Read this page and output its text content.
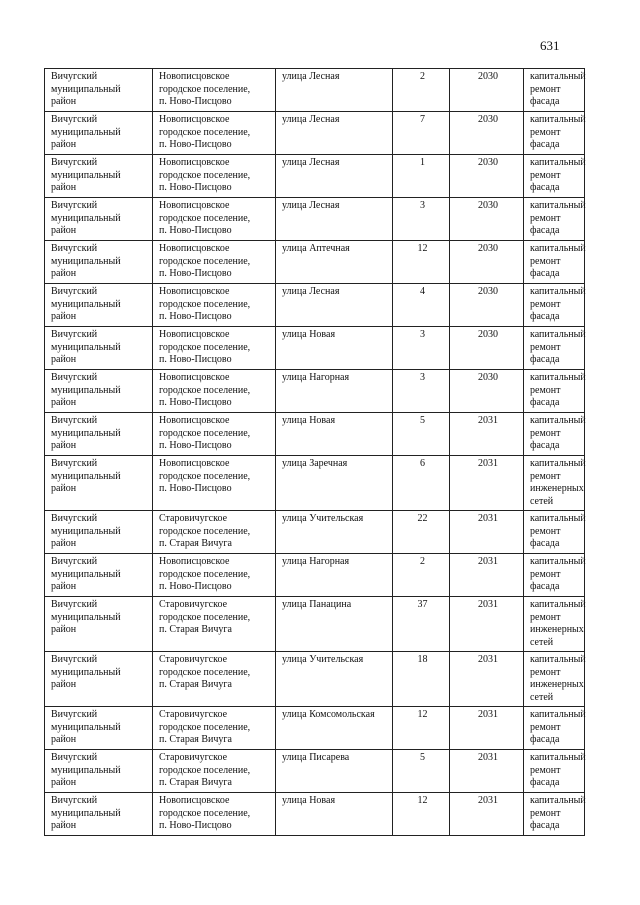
631
Вичугский
муниципальный
район	Новописцовское
городское поселение,
п. Ново-Писцово	улица Лесная	2	2030	капитальный
ремонт фасада
Вичугский
муниципальный
район	Новописцовское
городское поселение,
п. Ново-Писцово	улица Лесная	7	2030	капитальный
ремонт фасада
Вичугский
муниципальный
район	Новописцовское
городское поселение,
п. Ново-Писцово	улица Лесная	1	2030	капитальный
ремонт фасада
Вичугский
муниципальный
район	Новописцовское
городское поселение,
п. Ново-Писцово	улица Лесная	3	2030	капитальный
ремонт фасада
Вичугский
муниципальный
район	Новописцовское
городское поселение,
п. Ново-Писцово	улица Аптечная	12	2030	капитальный
ремонт фасада
Вичугский
муниципальный
район	Новописцовское
городское поселение,
п. Ново-Писцово	улица Лесная	4	2030	капитальный
ремонт фасада
Вичугский
муниципальный
район	Новописцовское
городское поселение,
п. Ново-Писцово	улица Новая	3	2030	капитальный
ремонт фасада
Вичугский
муниципальный
район	Новописцовское
городское поселение,
п. Ново-Писцово	улица Нагорная	3	2030	капитальный
ремонт фасада
Вичугский
муниципальный
район	Новописцовское
городское поселение,
п. Ново-Писцово	улица Новая	5	2031	капитальный
ремонт фасада
Вичугский
муниципальный
район	Новописцовское
городское поселение,
п. Ново-Писцово	улица Заречная	6	2031	капитальный
ремонт
инженерных
сетей
Вичугский
муниципальный
район	Старовичугское
городское поселение,
п. Старая Вичуга	улица Учительская	22	2031	капитальный
ремонт фасада
Вичугский
муниципальный
район	Новописцовское
городское поселение,
п. Ново-Писцово	улица Нагорная	2	2031	капитальный
ремонт фасада
Вичугский
муниципальный
район	Старовичугское
городское поселение,
п. Старая Вичуга	улица Панацина	37	2031	капитальный
ремонт
инженерных
сетей
Вичугский
муниципальный
район	Старовичугское
городское поселение,
п. Старая Вичуга	улица Учительская	18	2031	капитальный
ремонт
инженерных
сетей
Вичугский
муниципальный
район	Старовичугское
городское поселение,
п. Старая Вичуга	улица Комсомольская	12	2031	капитальный
ремонт фасада
Вичугский
муниципальный
район	Старовичугское
городское поселение,
п. Старая Вичуга	улица Писарева	5	2031	капитальный
ремонт фасада
Вичугский
муниципальный
район	Новописцовское
городское поселение,
п. Ново-Писцово	улица Новая	12	2031	капитальный
ремонт фасада
